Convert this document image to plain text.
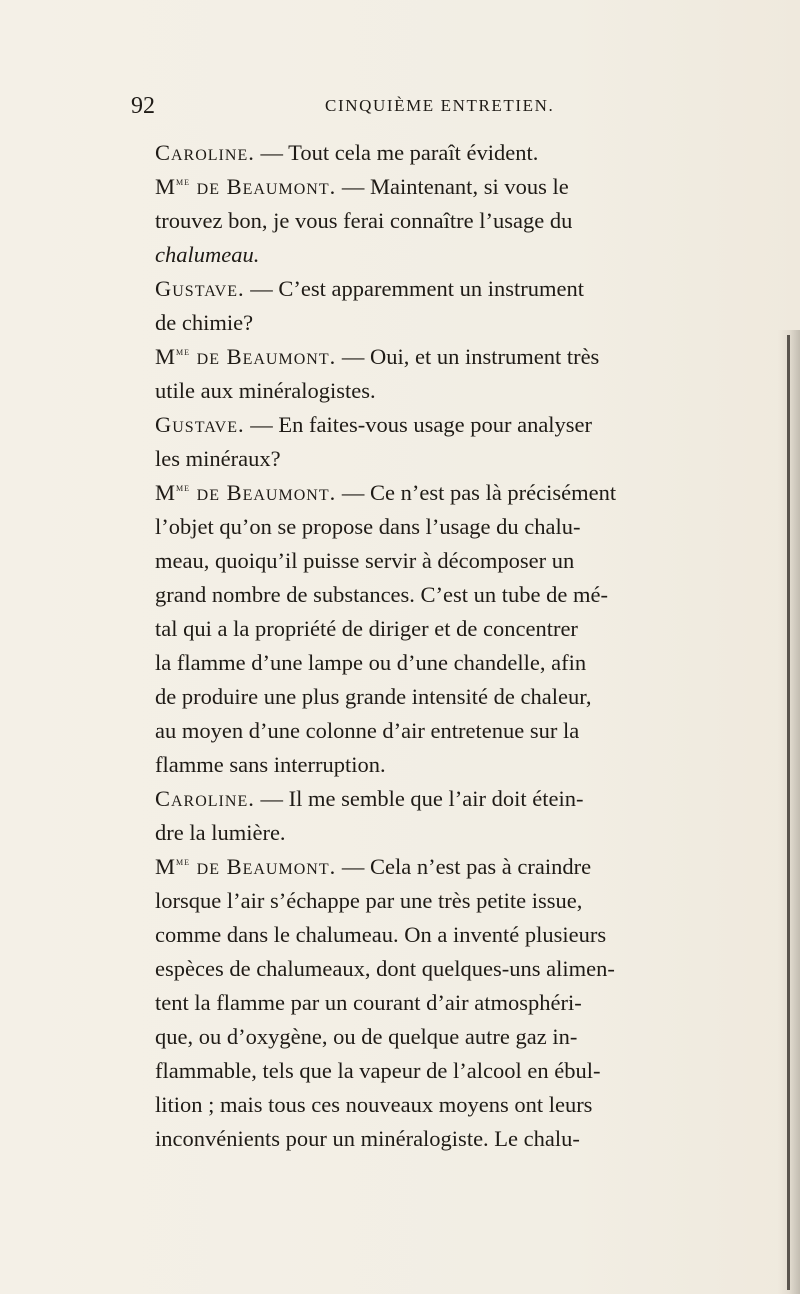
92	CINQUIÈME ENTRETIEN.

Caroline. — Tout cela me paraît évident.

$M^{me}$ de Beaumont. — Maintenant, si vous le
trouvez bon, je vous ferai connaître l’usage du
chalumeau.

Gustave. — C’est apparemment un instrument
de chimie?

$M^{me}$ de Beaumont. — Oui, et un instrument très
utile aux minéralogistes.

Gustave. — En faites-vous usage pour analyser
les minéraux?

$M^{me}$ de Beaumont. — Ce n’est pas là précisément
l’objet qu’on se propose dans l’usage du chalu-
meau, quoiqu’il puisse servir à décomposer un
grand nombre de substances. C’est un tube de mé-
tal qui a la propriété de diriger et de concentrer
la flamme d’une lampe ou d’une chandelle, afin
de produire une plus grande intensité de chaleur,
au moyen d’une colonne d’air entretenue sur la
flamme sans interruption.

Caroline. — Il me semble que l’air doit étein-
dre la lumière.

$M^{me}$ de Beaumont. — Cela n’est pas à craindre
lorsque l’air s’échappe par une très petite issue,
comme dans le chalumeau. On a inventé plusieurs
espèces de chalumeaux, dont quelques-uns alimen-
tent la flamme par un courant d’air atmosphéri-
que, ou d’oxygène, ou de quelque autre gaz in-
flammable, tels que la vapeur de l’alcool en ébul-
lition ; mais tous ces nouveaux moyens ont leurs
inconvénients pour un minéralogiste. Le chalu-
